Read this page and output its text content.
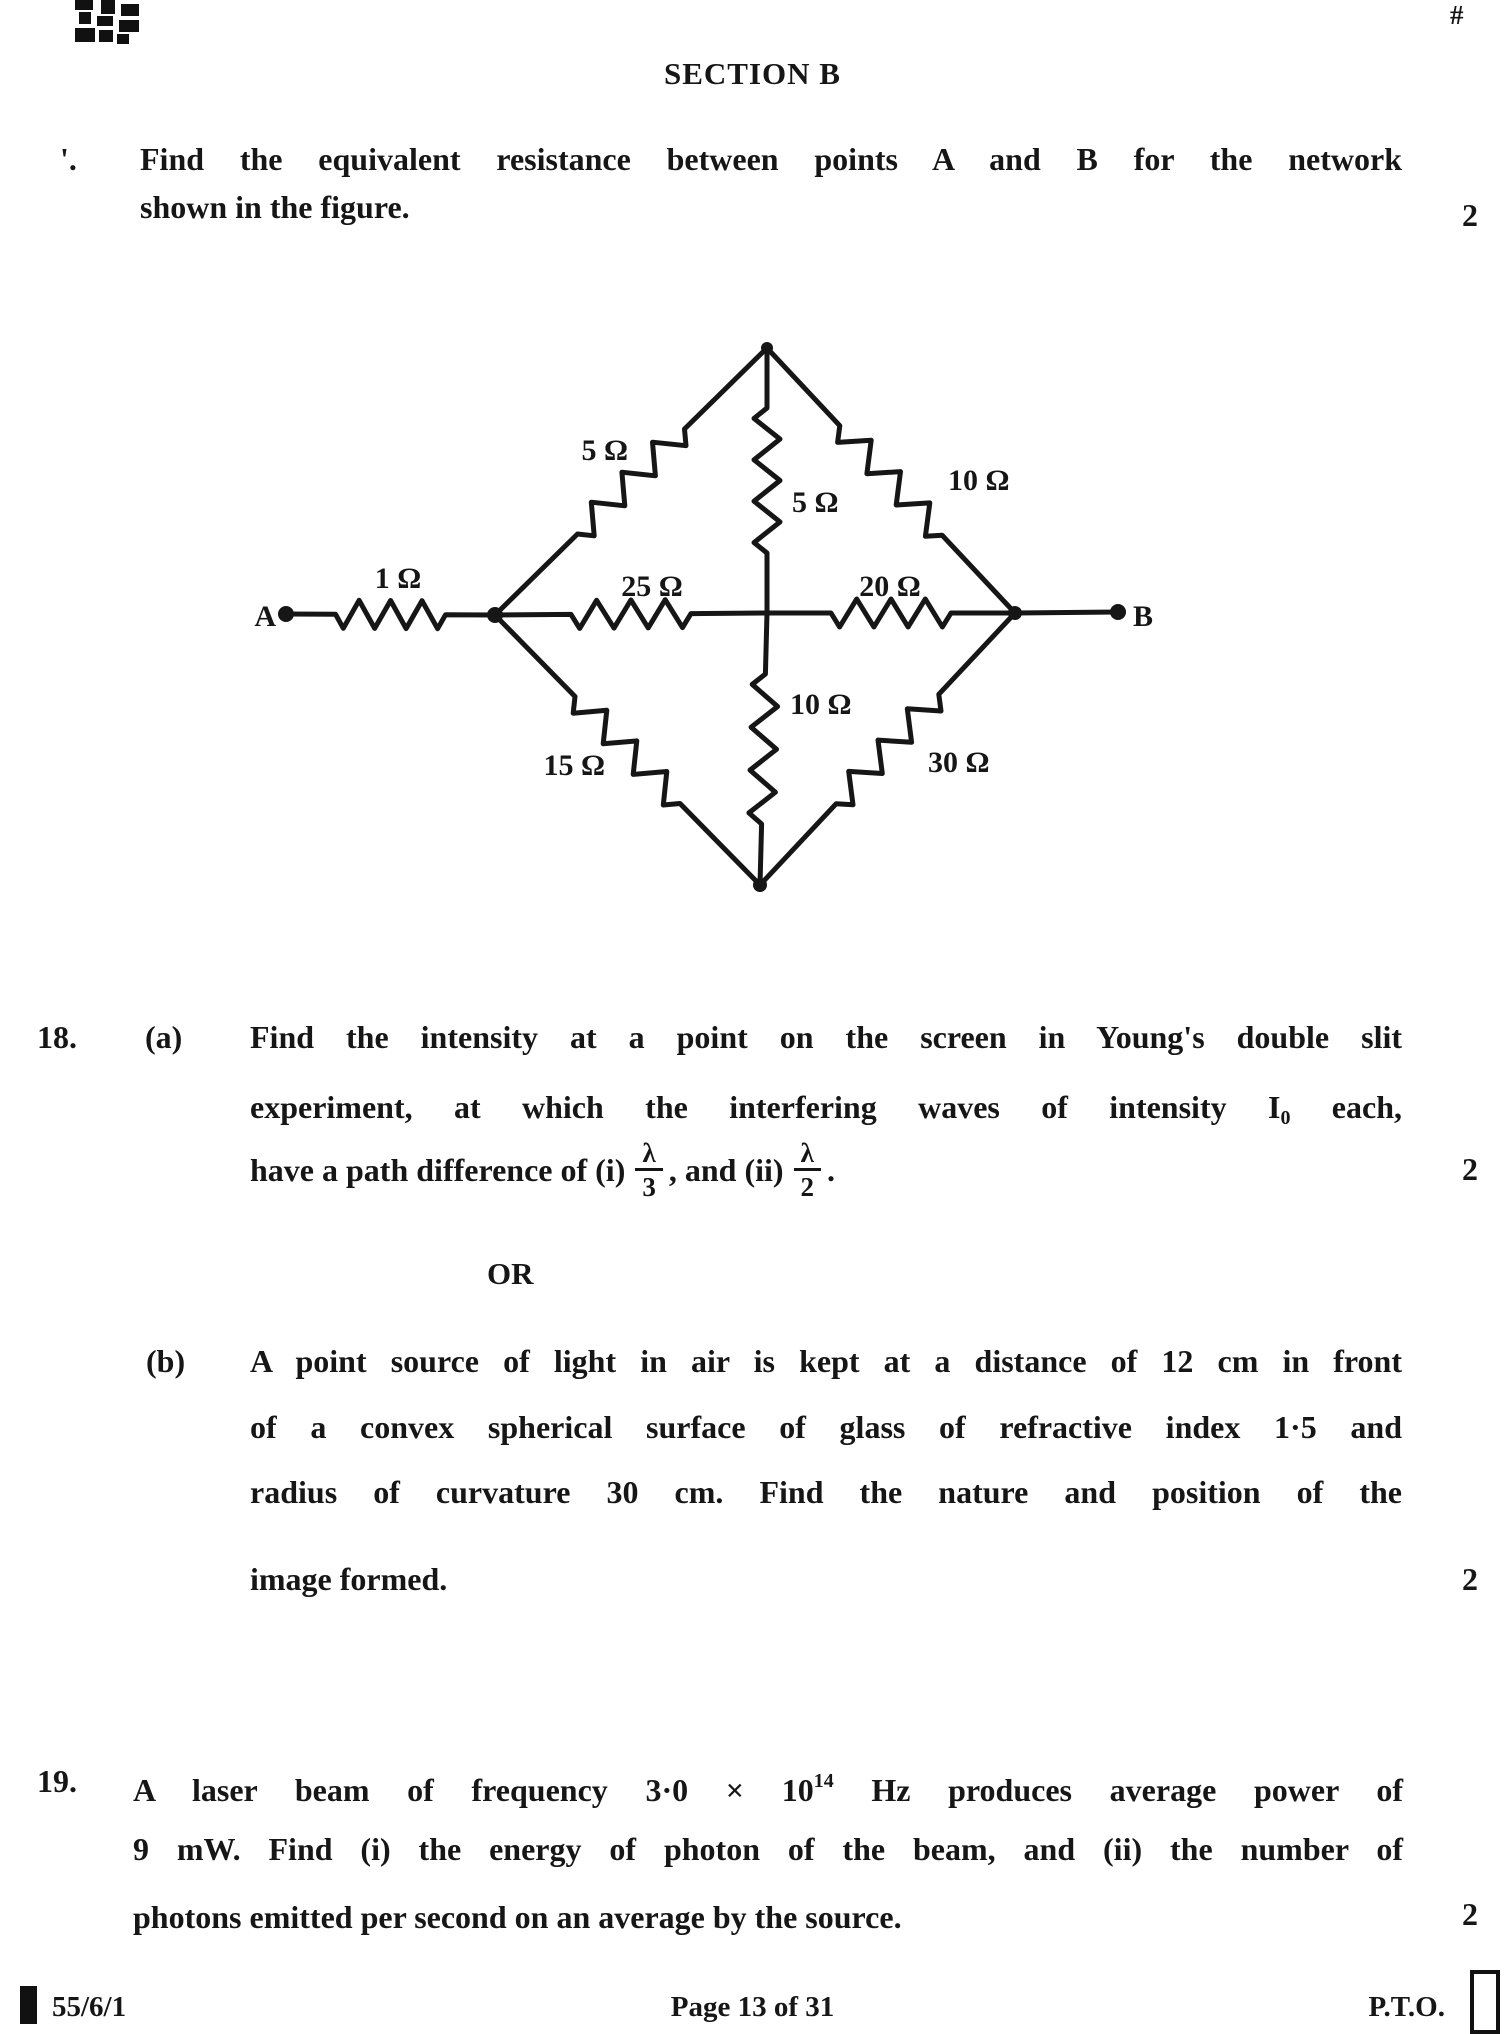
#
SECTION B
'. Find the equivalent resistance between points A and B for the network
shown in the figure.	2
A	B
1 Ω
5 Ω
5 Ω
10 Ω
25 Ω	20 Ω
10 Ω
15 Ω	30 Ω
18. (a) Find the intensity at a point on the screen in Young's double slit
experiment, at which the interfering waves of intensity $I_0$ each,
have a path difference of $(i) \frac{\lambda}{3}$ , and $(ii) \frac{\lambda}{2}$ .	2
OR
(b) A point source of light in air is kept at a distance of 12 cm in front
of a convex spherical surface of glass of refractive index 1·5 and
radius of curvature 30 cm. Find the nature and position of the
image formed.	2
19. A laser beam of frequency $3\cdot 0 \times 10^{14}$ Hz produces average power of
9 mW. Find (i) the energy of photon of the beam, and (ii) the number of
photons emitted per second on an average by the source.	2
55/6/1	Page 13 of 31	P.T.O.
